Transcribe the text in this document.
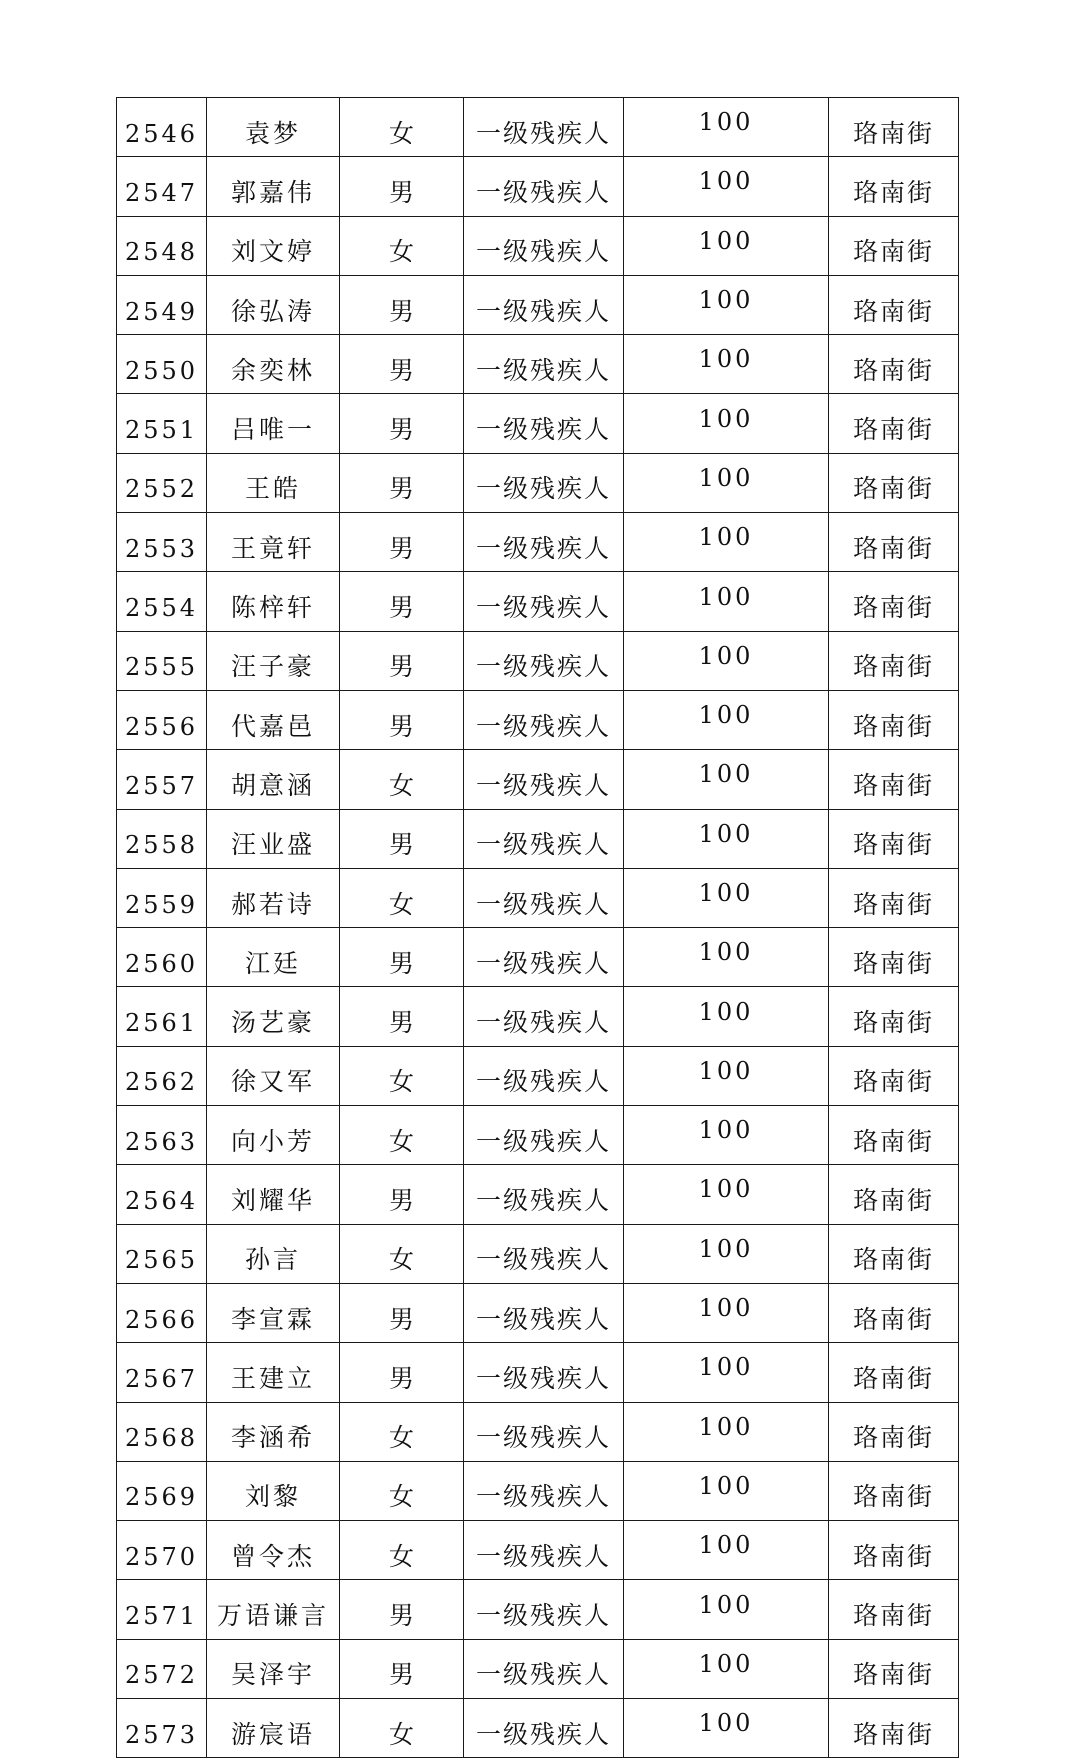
2546	袁梦	女	一级残疾人	100	珞南街
2547	郭嘉伟	男	一级残疾人	100	珞南街
2548	刘文婷	女	一级残疾人	100	珞南街
2549	徐弘涛	男	一级残疾人	100	珞南街
2550	余奕林	男	一级残疾人	100	珞南街
2551	吕唯一	男	一级残疾人	100	珞南街
2552	王皓	男	一级残疾人	100	珞南街
2553	王竟轩	男	一级残疾人	100	珞南街
2554	陈梓轩	男	一级残疾人	100	珞南街
2555	汪子豪	男	一级残疾人	100	珞南街
2556	代嘉邑	男	一级残疾人	100	珞南街
2557	胡意涵	女	一级残疾人	100	珞南街
2558	汪业盛	男	一级残疾人	100	珞南街
2559	郝若诗	女	一级残疾人	100	珞南街
2560	江廷	男	一级残疾人	100	珞南街
2561	汤艺豪	男	一级残疾人	100	珞南街
2562	徐又军	女	一级残疾人	100	珞南街
2563	向小芳	女	一级残疾人	100	珞南街
2564	刘耀华	男	一级残疾人	100	珞南街
2565	孙言	女	一级残疾人	100	珞南街
2566	李宣霖	男	一级残疾人	100	珞南街
2567	王建立	男	一级残疾人	100	珞南街
2568	李涵希	女	一级残疾人	100	珞南街
2569	刘黎	女	一级残疾人	100	珞南街
2570	曾令杰	女	一级残疾人	100	珞南街
2571	万语谦言	男	一级残疾人	100	珞南街
2572	吴泽宇	男	一级残疾人	100	珞南街
2573	游宸语	女	一级残疾人	100	珞南街
